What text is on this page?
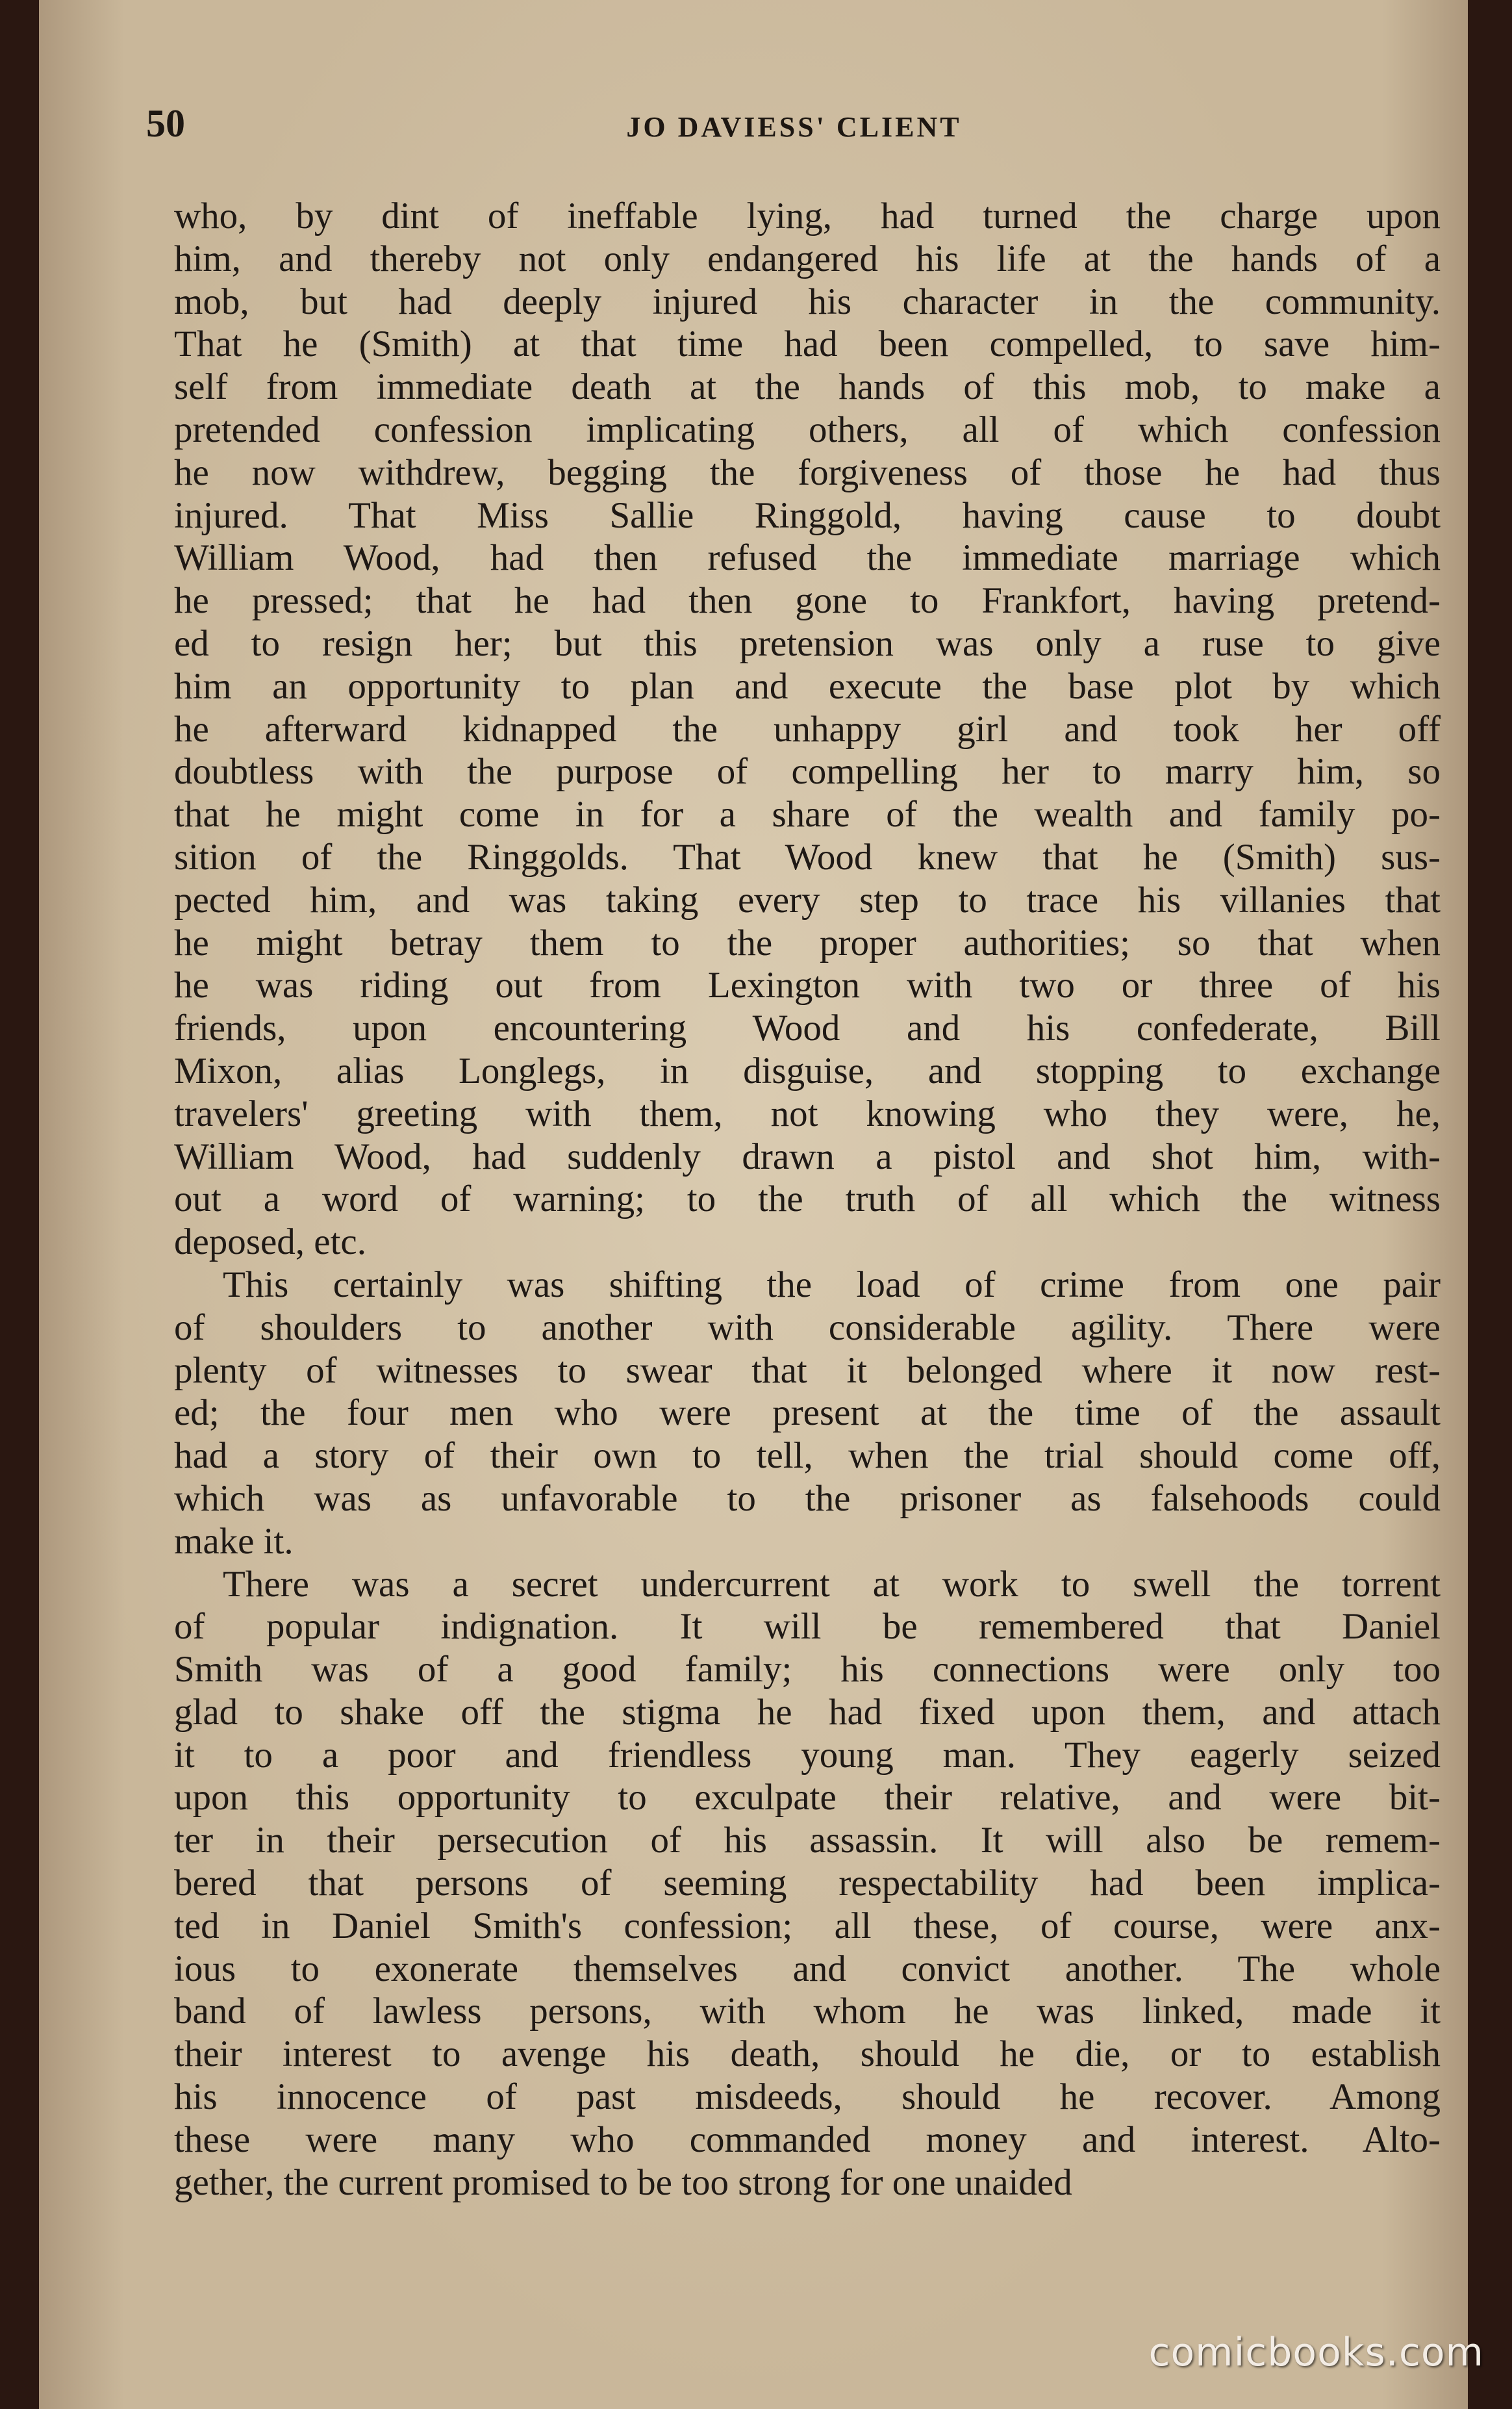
50	JO DAVIESS' CLIENT
who, by dint of ineffable lying, had turned the charge upon
him, and thereby not only endangered his life at the hands of a
mob, but had deeply injured his character in the community.
That he (Smith) at that time had been compelled, to save him-
self from immediate death at the hands of this mob, to make a
pretended confession implicating others, all of which confession
he now withdrew, begging the forgiveness of those he had thus
injured. That Miss Sallie Ringgold, having cause to doubt
William Wood, had then refused the immediate marriage which
he pressed; that he had then gone to Frankfort, having pretend-
ed to resign her; but this pretension was only a ruse to give
him an opportunity to plan and execute the base plot by which
he afterward kidnapped the unhappy girl and took her off
doubtless with the purpose of compelling her to marry him, so
that he might come in for a share of the wealth and family po-
sition of the Ringgolds. That Wood knew that he (Smith) sus-
pected him, and was taking every step to trace his villanies that
he might betray them to the proper authorities; so that when
he was riding out from Lexington with two or three of his
friends, upon encountering Wood and his confederate, Bill
Mixon, alias Longlegs, in disguise, and stopping to exchange
travelers' greeting with them, not knowing who they were, he,
William Wood, had suddenly drawn a pistol and shot him, with-
out a word of warning; to the truth of all which the witness
deposed, etc.
This certainly was shifting the load of crime from one pair
of shoulders to another with considerable agility. There were
plenty of witnesses to swear that it belonged where it now rest-
ed; the four men who were present at the time of the assault
had a story of their own to tell, when the trial should come off,
which was as unfavorable to the prisoner as falsehoods could
make it.
There was a secret undercurrent at work to swell the torrent
of popular indignation. It will be remembered that Daniel
Smith was of a good family; his connections were only too
glad to shake off the stigma he had fixed upon them, and attach
it to a poor and friendless young man. They eagerly seized
upon this opportunity to exculpate their relative, and were bit-
ter in their persecution of his assassin. It will also be remem-
bered that persons of seeming respectability had been implica-
ted in Daniel Smith's confession; all these, of course, were anx-
ious to exonerate themselves and convict another. The whole
band of lawless persons, with whom he was linked, made it
their interest to avenge his death, should he die, or to establish
his innocence of past misdeeds, should he recover. Among
these were many who commanded money and interest. Alto-
gether, the current promised to be too strong for one unaided
comicbooks.com
